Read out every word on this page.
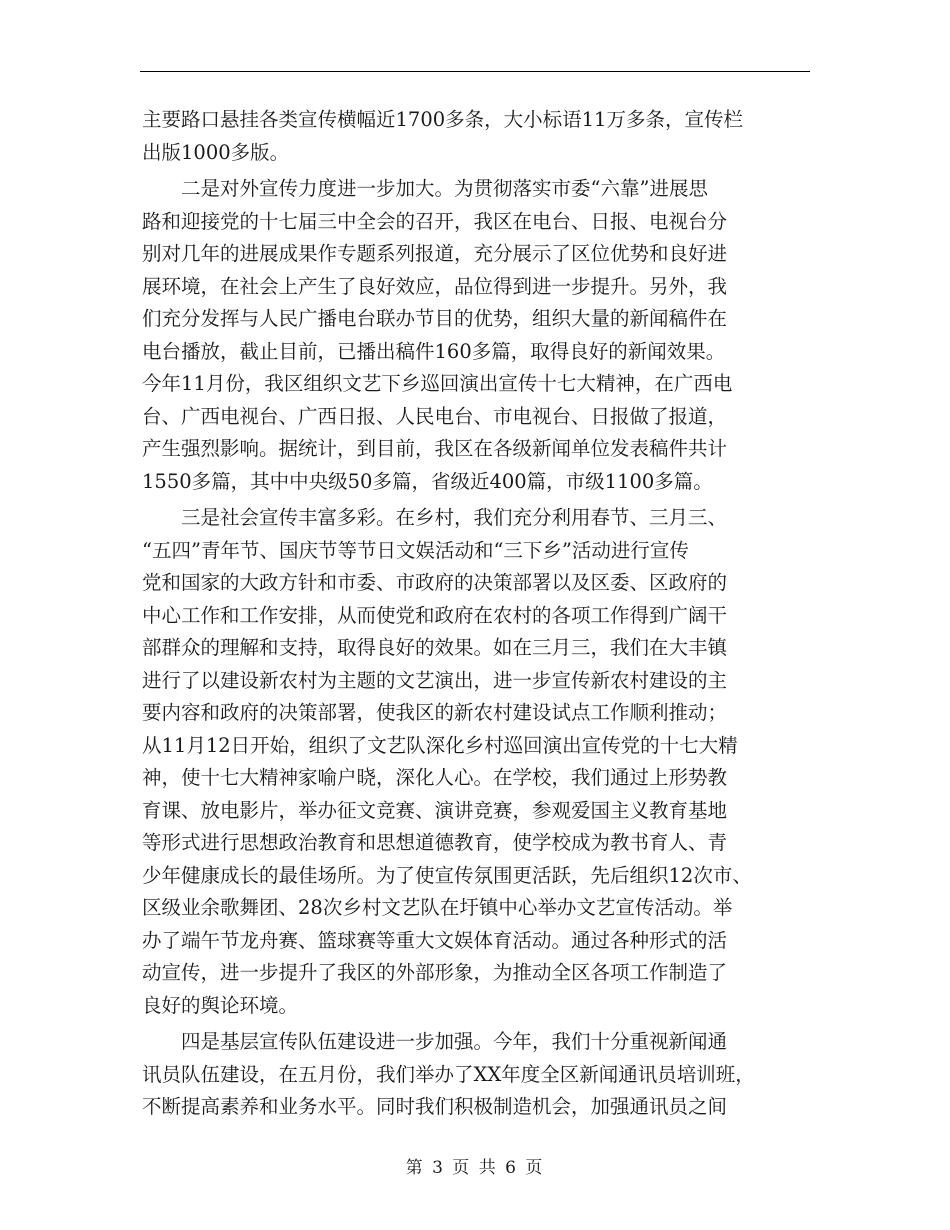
主要路口悬挂各类宣传横幅近1700多条，大小标语11万多条，宣传栏
出版1000多版。
二是对外宣传力度进一步加大。为贯彻落实市委“六靠”进展思
路和迎接党的十七届三中全会的召开，我区在电台、日报、电视台分
别对几年的进展成果作专题系列报道，充分展示了区位优势和良好进
展环境，在社会上产生了良好效应，品位得到进一步提升。另外，我
们充分发挥与人民广播电台联办节目的优势，组织大量的新闻稿件在
电台播放，截止目前，已播出稿件160多篇，取得良好的新闻效果。
今年11月份，我区组织文艺下乡巡回演出宣传十七大精神，在广西电
台、广西电视台、广西日报、人民电台、市电视台、日报做了报道，
产生强烈影响。据统计，到目前，我区在各级新闻单位发表稿件共计
1550多篇，其中中央级50多篇，省级近400篇，市级1100多篇。
三是社会宣传丰富多彩。在乡村，我们充分利用春节、三月三、
“五四”青年节、国庆节等节日文娱活动和“三下乡”活动进行宣传
党和国家的大政方针和市委、市政府的决策部署以及区委、区政府的
中心工作和工作安排，从而使党和政府在农村的各项工作得到广阔干
部群众的理解和支持，取得良好的效果。如在三月三，我们在大丰镇
进行了以建设新农村为主题的文艺演出，进一步宣传新农村建设的主
要内容和政府的决策部署，使我区的新农村建设试点工作顺利推动；
从11月12日开始，组织了文艺队深化乡村巡回演出宣传党的十七大精
神，使十七大精神家喻户晓，深化人心。在学校，我们通过上形势教
育课、放电影片，举办征文竞赛、演讲竞赛，参观爱国主义教育基地
等形式进行思想政治教育和思想道德教育，使学校成为教书育人、青
少年健康成长的最佳场所。为了使宣传氛围更活跃，先后组织12次市、
区级业余歌舞团、28次乡村文艺队在圩镇中心举办文艺宣传活动。举
办了端午节龙舟赛、篮球赛等重大文娱体育活动。通过各种形式的活
动宣传，进一步提升了我区的外部形象，为推动全区各项工作制造了
良好的舆论环境。
四是基层宣传队伍建设进一步加强。今年，我们十分重视新闻通
讯员队伍建设，在五月份，我们举办了XX年度全区新闻通讯员培训班，
不断提高素养和业务水平。同时我们积极制造机会，加强通讯员之间
第 3 页 共 6 页
